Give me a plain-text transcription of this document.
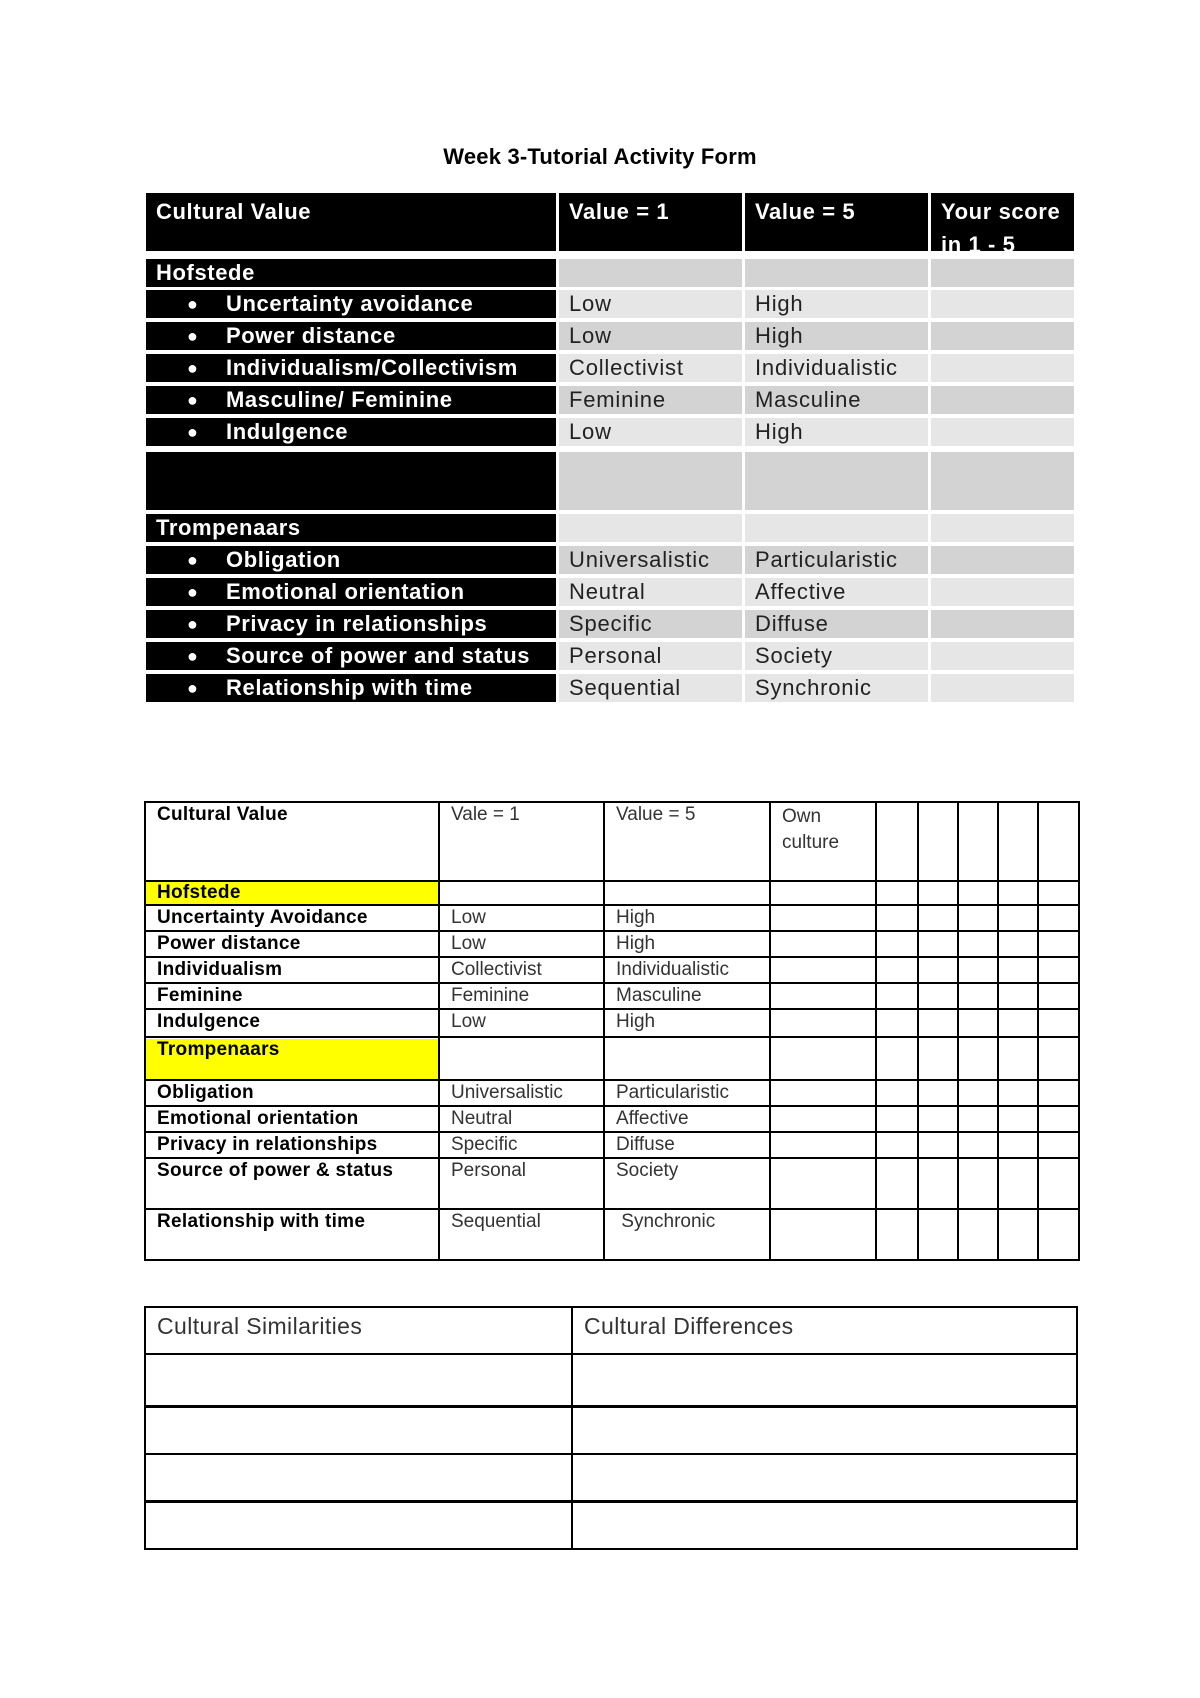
Week 3-Tutorial Activity Form
Cultural Value	Value = 1	Value = 5	Your score
in 1 - 5
Hofstede
● Uncertainty avoidance	Low	High
● Power distance	Low	High
● Individualism/Collectivism	Collectivist	Individualistic
● Masculine/ Feminine	Feminine	Masculine
● Indulgence	Low	High
Trompenaars
● Obligation	Universalistic	Particularistic
● Emotional orientation	Neutral	Affective
● Privacy in relationships	Specific	Diffuse
● Source of power and status	Personal	Society
● Relationship with time	Sequential	Synchronic
Cultural Value	Vale = 1	Value = 5	Own
culture
Hofstede
Uncertainty Avoidance	Low	High
Power distance	Low	High
Individualism	Collectivist	Individualistic
Feminine	Feminine	Masculine
Indulgence	Low	High
Trompenaars
Obligation	Universalistic	Particularistic
Emotional orientation	Neutral	Affective
Privacy in relationships	Specific	Diffuse
Source of power & status	Personal	Society
Relationship with time	Sequential	Synchronic
Cultural Similarities	Cultural Differences
